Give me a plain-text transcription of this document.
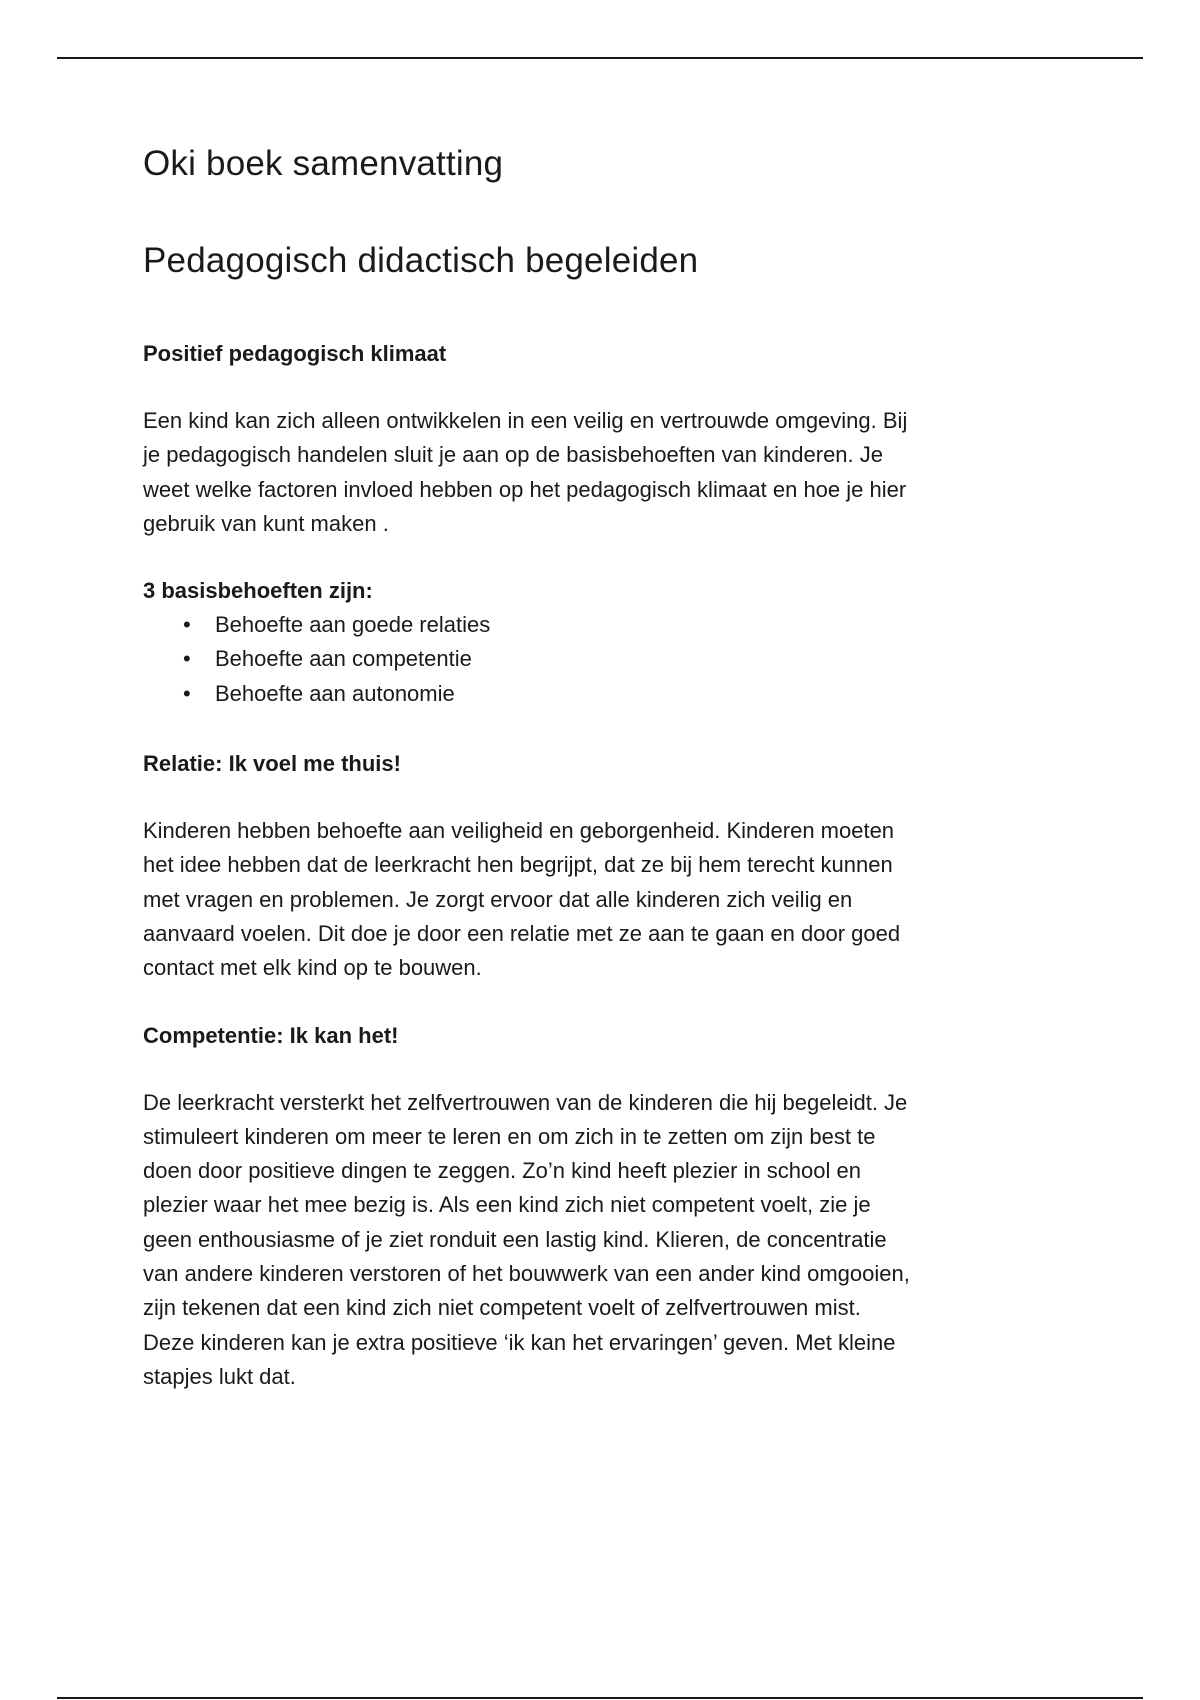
Oki boek samenvatting
Pedagogisch didactisch begeleiden
Positief pedagogisch klimaat
Een kind kan zich alleen ontwikkelen in een veilig en vertrouwde omgeving. Bij
je pedagogisch handelen sluit je aan op de basisbehoeften van kinderen. Je
weet welke factoren invloed hebben op het pedagogisch klimaat en hoe je hier
gebruik van kunt maken .
3 basisbehoeften zijn:
• Behoefte aan goede relaties
• Behoefte aan competentie
• Behoefte aan autonomie
Relatie: Ik voel me thuis!
Kinderen hebben behoefte aan veiligheid en geborgenheid. Kinderen moeten
het idee hebben dat de leerkracht hen begrijpt, dat ze bij hem terecht kunnen
met vragen en problemen. Je zorgt ervoor dat alle kinderen zich veilig en
aanvaard voelen. Dit doe je door een relatie met ze aan te gaan en door goed
contact met elk kind op te bouwen.
Competentie: Ik kan het!
De leerkracht versterkt het zelfvertrouwen van de kinderen die hij begeleidt. Je
stimuleert kinderen om meer te leren en om zich in te zetten om zijn best te
doen door positieve dingen te zeggen. Zo’n kind heeft plezier in school en
plezier waar het mee bezig is. Als een kind zich niet competent voelt, zie je
geen enthousiasme of je ziet ronduit een lastig kind. Klieren, de concentratie
van andere kinderen verstoren of het bouwwerk van een ander kind omgooien,
zijn tekenen dat een kind zich niet competent voelt of zelfvertrouwen mist.
Deze kinderen kan je extra positieve ‘ik kan het ervaringen’ geven. Met kleine
stapjes lukt dat.
